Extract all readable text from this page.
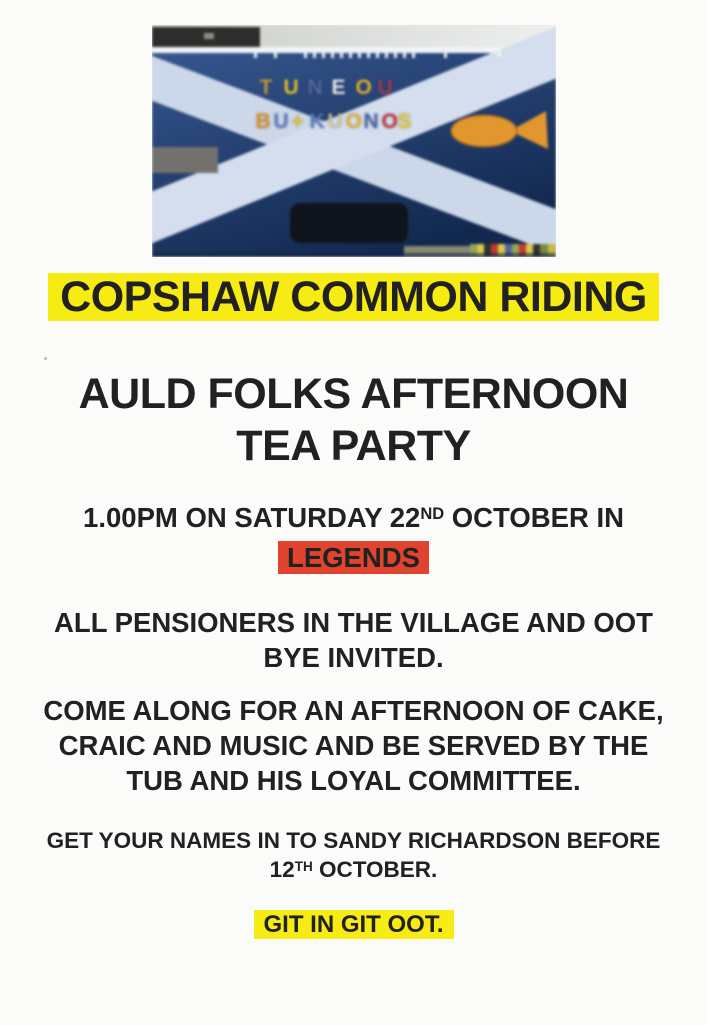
T U N E O U
B U + K U O N O S
COPSHAW COMMON RIDING
AULD FOLKS AFTERNOON
TEA PARTY
1.00PM ON SATURDAY 22ND OCTOBER IN
LEGENDS
ALL PENSIONERS IN THE VILLAGE AND OOT
BYE INVITED.
COME ALONG FOR AN AFTERNOON OF CAKE,
CRAIC AND MUSIC AND BE SERVED BY THE
TUB AND HIS LOYAL COMMITTEE.
GET YOUR NAMES IN TO SANDY RICHARDSON BEFORE
12TH OCTOBER.
GIT IN GIT OOT.
